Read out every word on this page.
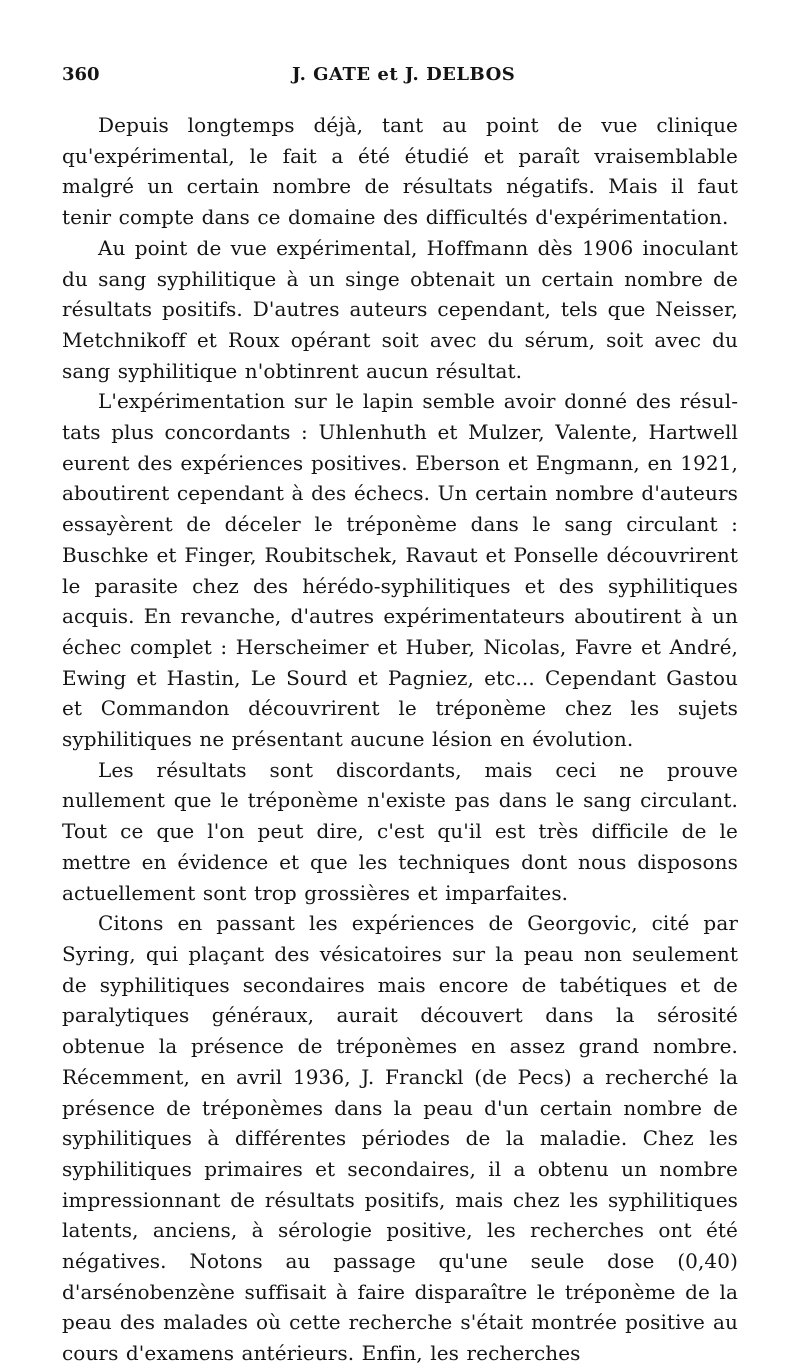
360	J. GATE et J. DELBOS

Depuis longtemps déjà, tant au point de vue clinique qu'expérimental, le fait a été étudié et paraît vraisemblable malgré un certain nombre de résultats négatifs. Mais il faut tenir compte dans ce domaine des difficultés d'expérimentation.

Au point de vue expérimental, Hoffmann dès 1906 inoculant du sang syphilitique à un singe obtenait un certain nombre de résultats positifs. D'autres auteurs cependant, tels que Neisser, Metchnikoff et Roux opérant soit avec du sérum, soit avec du sang syphilitique n'obtinrent aucun résultat.

L'expérimentation sur le lapin semble avoir donné des résultats plus concordants : Uhlenhuth et Mulzer, Valente, Hartwell eurent des expériences positives. Eberson et Engmann, en 1921, aboutirent cependant à des échecs. Un certain nombre d'auteurs essayèrent de déceler le tréponème dans le sang circulant : Buschke et Finger, Roubitschek, Ravaut et Ponselle découvrirent le parasite chez des hérédo-syphilitiques et des syphilitiques acquis. En revanche, d'autres expérimentateurs aboutirent à un échec complet : Herscheimer et Huber, Nicolas, Favre et André, Ewing et Hastin, Le Sourd et Pagniez, etc... Cependant Gastou et Commandon découvrirent le tréponème chez les sujets syphilitiques ne présentant aucune lésion en évolution.

Les résultats sont discordants, mais ceci ne prouve nullement que le tréponème n'existe pas dans le sang circulant. Tout ce que l'on peut dire, c'est qu'il est très difficile de le mettre en évidence et que les techniques dont nous disposons actuellement sont trop grossières et imparfaites.

Citons en passant les expériences de Georgovic, cité par Syring, qui plaçant des vésicatoires sur la peau non seulement de syphilitiques secondaires mais encore de tabétiques et de paralytiques généraux, aurait découvert dans la sérosité obtenue la présence de tréponèmes en assez grand nombre. Récemment, en avril 1936, J. Franckl (de Pecs) a recherché la présence de tréponèmes dans la peau d'un certain nombre de syphilitiques à différentes périodes de la maladie. Chez les syphilitiques primaires et secondaires, il a obtenu un nombre impressionnant de résultats positifs, mais chez les syphilitiques latents, anciens, à sérologie positive, les recherches ont été négatives. Notons au passage qu'une seule dose (0,40) d'arsénobenzène suffisait à faire disparaître le tréponème de la peau des malades où cette recherche s'était montrée positive au cours d'examens antérieurs. Enfin, les recherches
